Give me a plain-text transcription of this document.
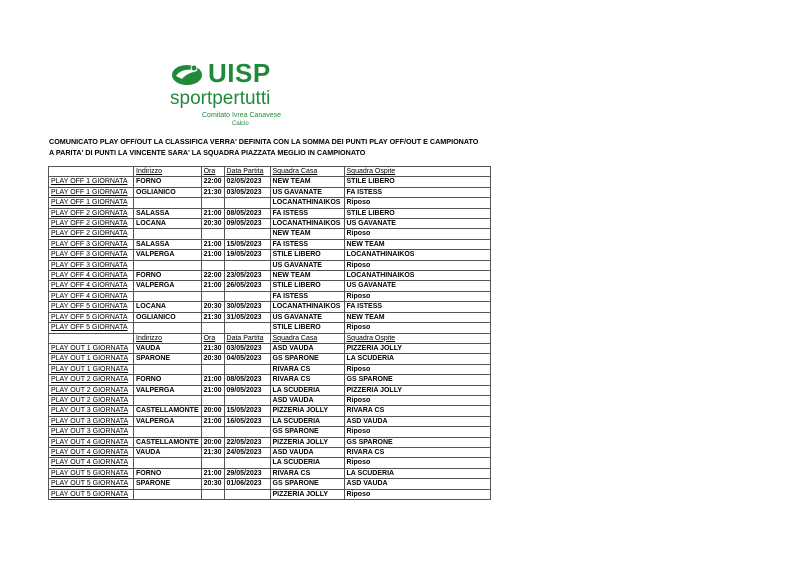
UISP
sportpertutti
Comitato Ivrea Canavese
Calcio
COMUNICATO PLAY OFF/OUT LA CLASSIFICA VERRA' DEFINITA CON LA SOMMA DEI PUNTI PLAY OFF/OUT E CAMPIONATO
A PARITA' DI PUNTI LA VINCENTE SARA' LA SQUADRA PIAZZATA MEGLIO IN CAMPIONATO
	Indirizzo	Ora	Data Partita	Squadra Casa	Squadra Ospite
PLAY OFF 1 GIORNATA	FORNO	22:00	02/05/2023	NEW TEAM	STILE LIBERO
PLAY OFF 1 GIORNATA	OGLIANICO	21:30	03/05/2023	US GAVANATE	FA ISTESS
PLAY OFF 1 GIORNATA				LOCANATHINAIKOS	Riposo
PLAY OFF 2 GIORNATA	SALASSA	21:00	08/05/2023	FA ISTESS	STILE LIBERO
PLAY OFF 2 GIORNATA	LOCANA	20:30	09/05/2023	LOCANATHINAIKOS	US GAVANATE
PLAY OFF 2 GIORNATA				NEW TEAM	Riposo
PLAY OFF 3 GIORNATA	SALASSA	21:00	15/05/2023	FA ISTESS	NEW TEAM
PLAY OFF 3 GIORNATA	VALPERGA	21:00	19/05/2023	STILE LIBERO	LOCANATHINAIKOS
PLAY OFF 3 GIORNATA				US GAVANATE	Riposo
PLAY OFF 4 GIORNATA	FORNO	22:00	23/05/2023	NEW TEAM	LOCANATHINAIKOS
PLAY OFF 4 GIORNATA	VALPERGA	21:00	26/05/2023	STILE LIBERO	US GAVANATE
PLAY OFF 4 GIORNATA				FA ISTESS	Riposo
PLAY OFF 5 GIORNATA	LOCANA	20:30	30/05/2023	LOCANATHINAIKOS	FA ISTESS
PLAY OFF 5 GIORNATA	OGLIANICO	21:30	31/05/2023	US GAVANATE	NEW TEAM
PLAY OFF 5 GIORNATA				STILE LIBERO	Riposo
	Indirizzo	Ora	Data Partita	Squadra Casa	Squadra Ospite
PLAY OUT 1 GIORNATA	VAUDA	21:30	03/05/2023	ASD VAUDA	PIZZERIA JOLLY
PLAY OUT 1 GIORNATA	SPARONE	20:30	04/05/2023	GS SPARONE	LA SCUDERIA
PLAY OUT 1 GIORNATA				RIVARA CS	Riposo
PLAY OUT 2 GIORNATA	FORNO	21:00	08/05/2023	RIVARA CS	GS SPARONE
PLAY OUT 2 GIORNATA	VALPERGA	21:00	09/05/2023	LA SCUDERIA	PIZZERIA JOLLY
PLAY OUT 2 GIORNATA				ASD VAUDA	Riposo
PLAY OUT 3 GIORNATA	CASTELLAMONTE	20:00	15/05/2023	PIZZERIA JOLLY	RIVARA CS
PLAY OUT 3 GIORNATA	VALPERGA	21:00	16/05/2023	LA SCUDERIA	ASD VAUDA
PLAY OUT 3 GIORNATA				GS SPARONE	Riposo
PLAY OUT 4 GIORNATA	CASTELLAMONTE	20:00	22/05/2023	PIZZERIA JOLLY	GS SPARONE
PLAY OUT 4 GIORNATA	VAUDA	21:30	24/05/2023	ASD VAUDA	RIVARA CS
PLAY OUT 4 GIORNATA				LA SCUDERIA	Riposo
PLAY OUT 5 GIORNATA	FORNO	21:00	29/05/2023	RIVARA CS	LA SCUDERIA
PLAY OUT 5 GIORNATA	SPARONE	20:30	01/06/2023	GS SPARONE	ASD VAUDA
PLAY OUT 5 GIORNATA				PIZZERIA JOLLY	Riposo
